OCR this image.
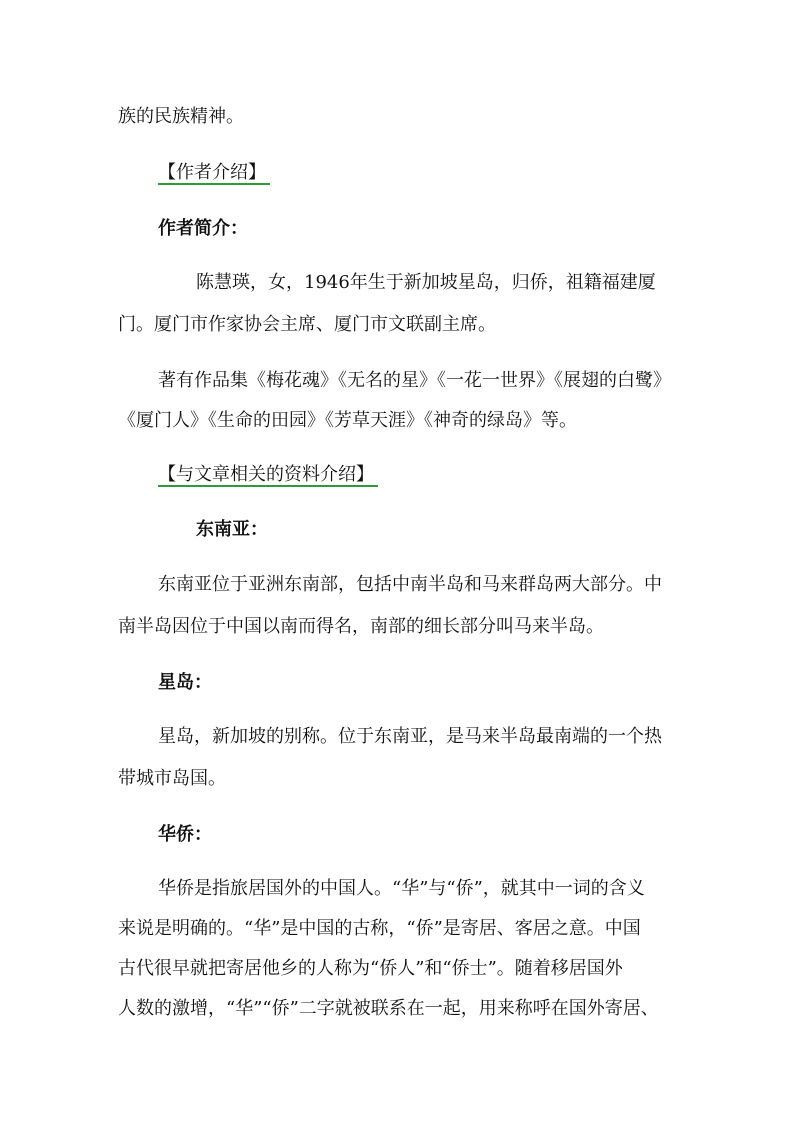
族的民族精神。

【作者介绍】

作者简介：

陈慧瑛，女，1946年生于新加坡星岛，归侨，祖籍福建厦

门。厦门市作家协会主席、厦门市文联副主席。

著有作品集《梅花魂》《无名的星》《一花一世界》《展翅的白鹭》

《厦门人》《生命的田园》《芳草天涯》《神奇的绿岛》等。

【与文章相关的资料介绍】

东南亚：

东南亚位于亚洲东南部，包括中南半岛和马来群岛两大部分。中

南半岛因位于中国以南而得名，南部的细长部分叫马来半岛。

星岛：

星岛，新加坡的别称。位于东南亚，是马来半岛最南端的一个热

带城市岛国。

华侨：

华侨是指旅居国外的中国人。“华”与“侨”，就其中一词的含义

来说是明确的。“华”是中国的古称，“侨”是寄居、客居之意。中国

古代很早就把寄居他乡的人称为“侨人”和“侨士”。随着移居国外

人数的激增，“华”“侨”二字就被联系在一起，用来称呼在国外寄居、
